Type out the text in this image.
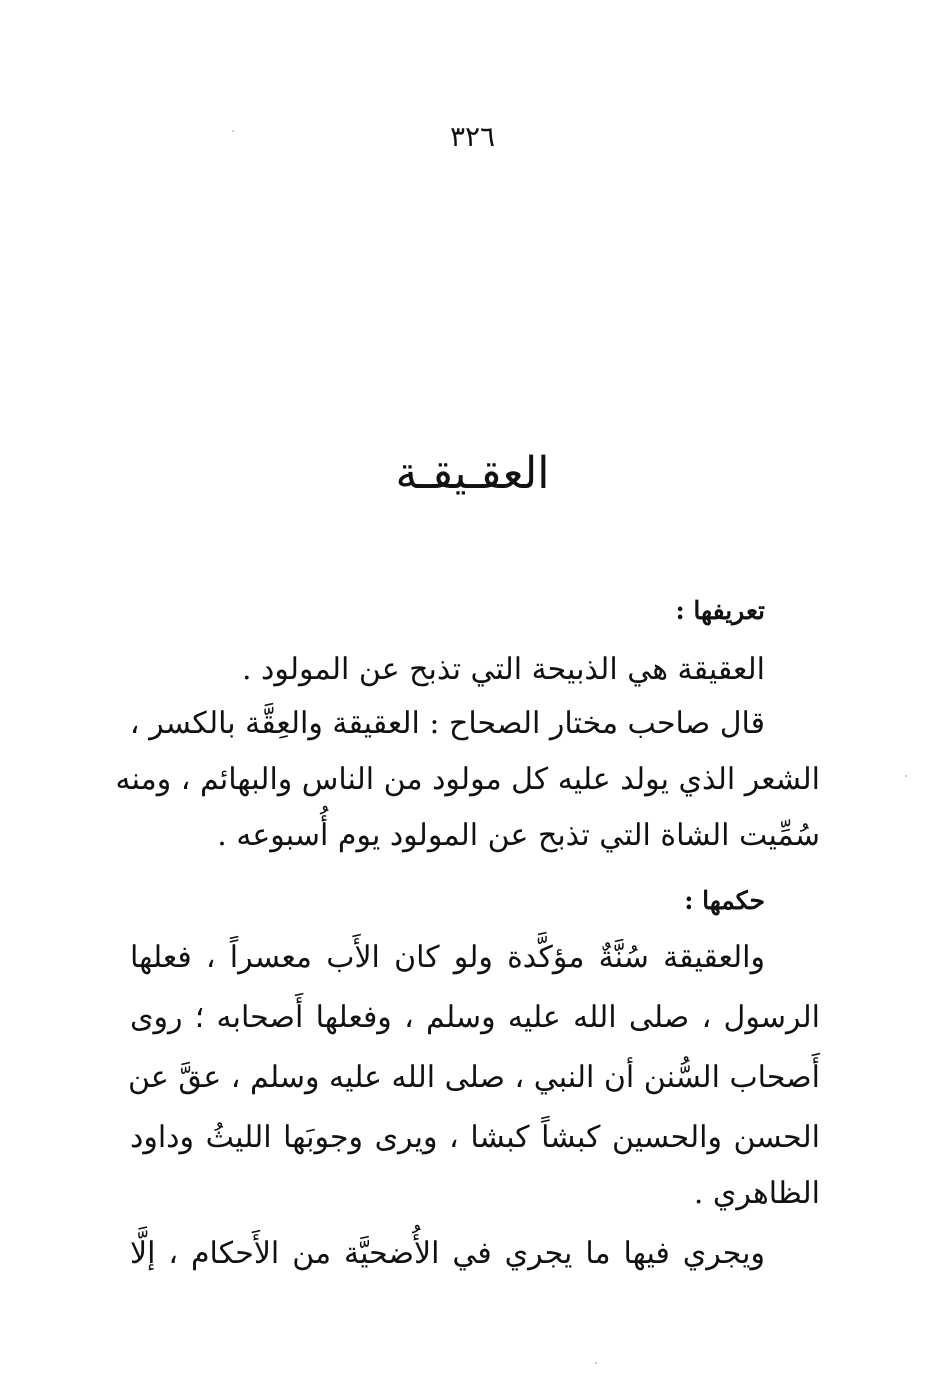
٣٢٦
العقـيقـة
تعريفها :
العقيقة هي الذبيحة التي تذبح عن المولود .
قال صاحب مختار الصحاح : العقيقة والعِقَّة بالكسر ،
الشعر الذي يولد عليه كل مولود من الناس والبهائم ، ومنه
سُمِّيت الشاة التي تذبح عن المولود يوم أُسبوعه .
حكمها :
والعقيقة سُنَّةٌ مؤكَّدة ولو كان الأَب معسراً ، فعلها
الرسول ، صلى الله عليه وسلم ، وفعلها أَصحابه ؛ روى
أَصحاب السُّنن أن النبي ، صلى الله عليه وسلم ، عقَّ عن
الحسن والحسين كبشاً كبشا ، ويرى وجوبَها الليثُ وداود
الظاهري .
ويجري فيها ما يجري في الأُضحيَّة من الأَحكام ، إلَّا
